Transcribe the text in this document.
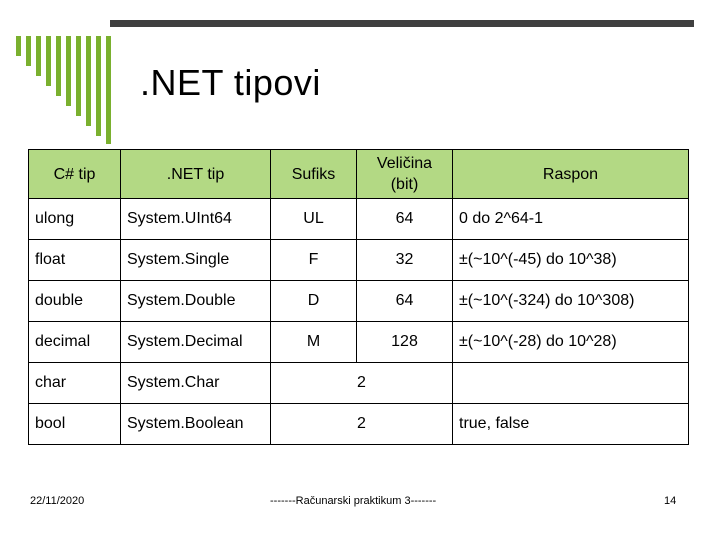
.NET tipovi
C# tip	.NET tip	Sufiks	Veličina (bit)	Raspon
ulong	System.UInt64	UL	64	0 do 2^64-1
float	System.Single	F	32	±(~10^(-45) do 10^38)
double	System.Double	D	64	±(~10^(-324) do 10^308)
decimal	System.Decimal	M	128	±(~10^(-28) do 10^28)
char	System.Char	2		
bool	System.Boolean	2		true, false
22/11/2020	-------Računarski praktikum 3-------	14
